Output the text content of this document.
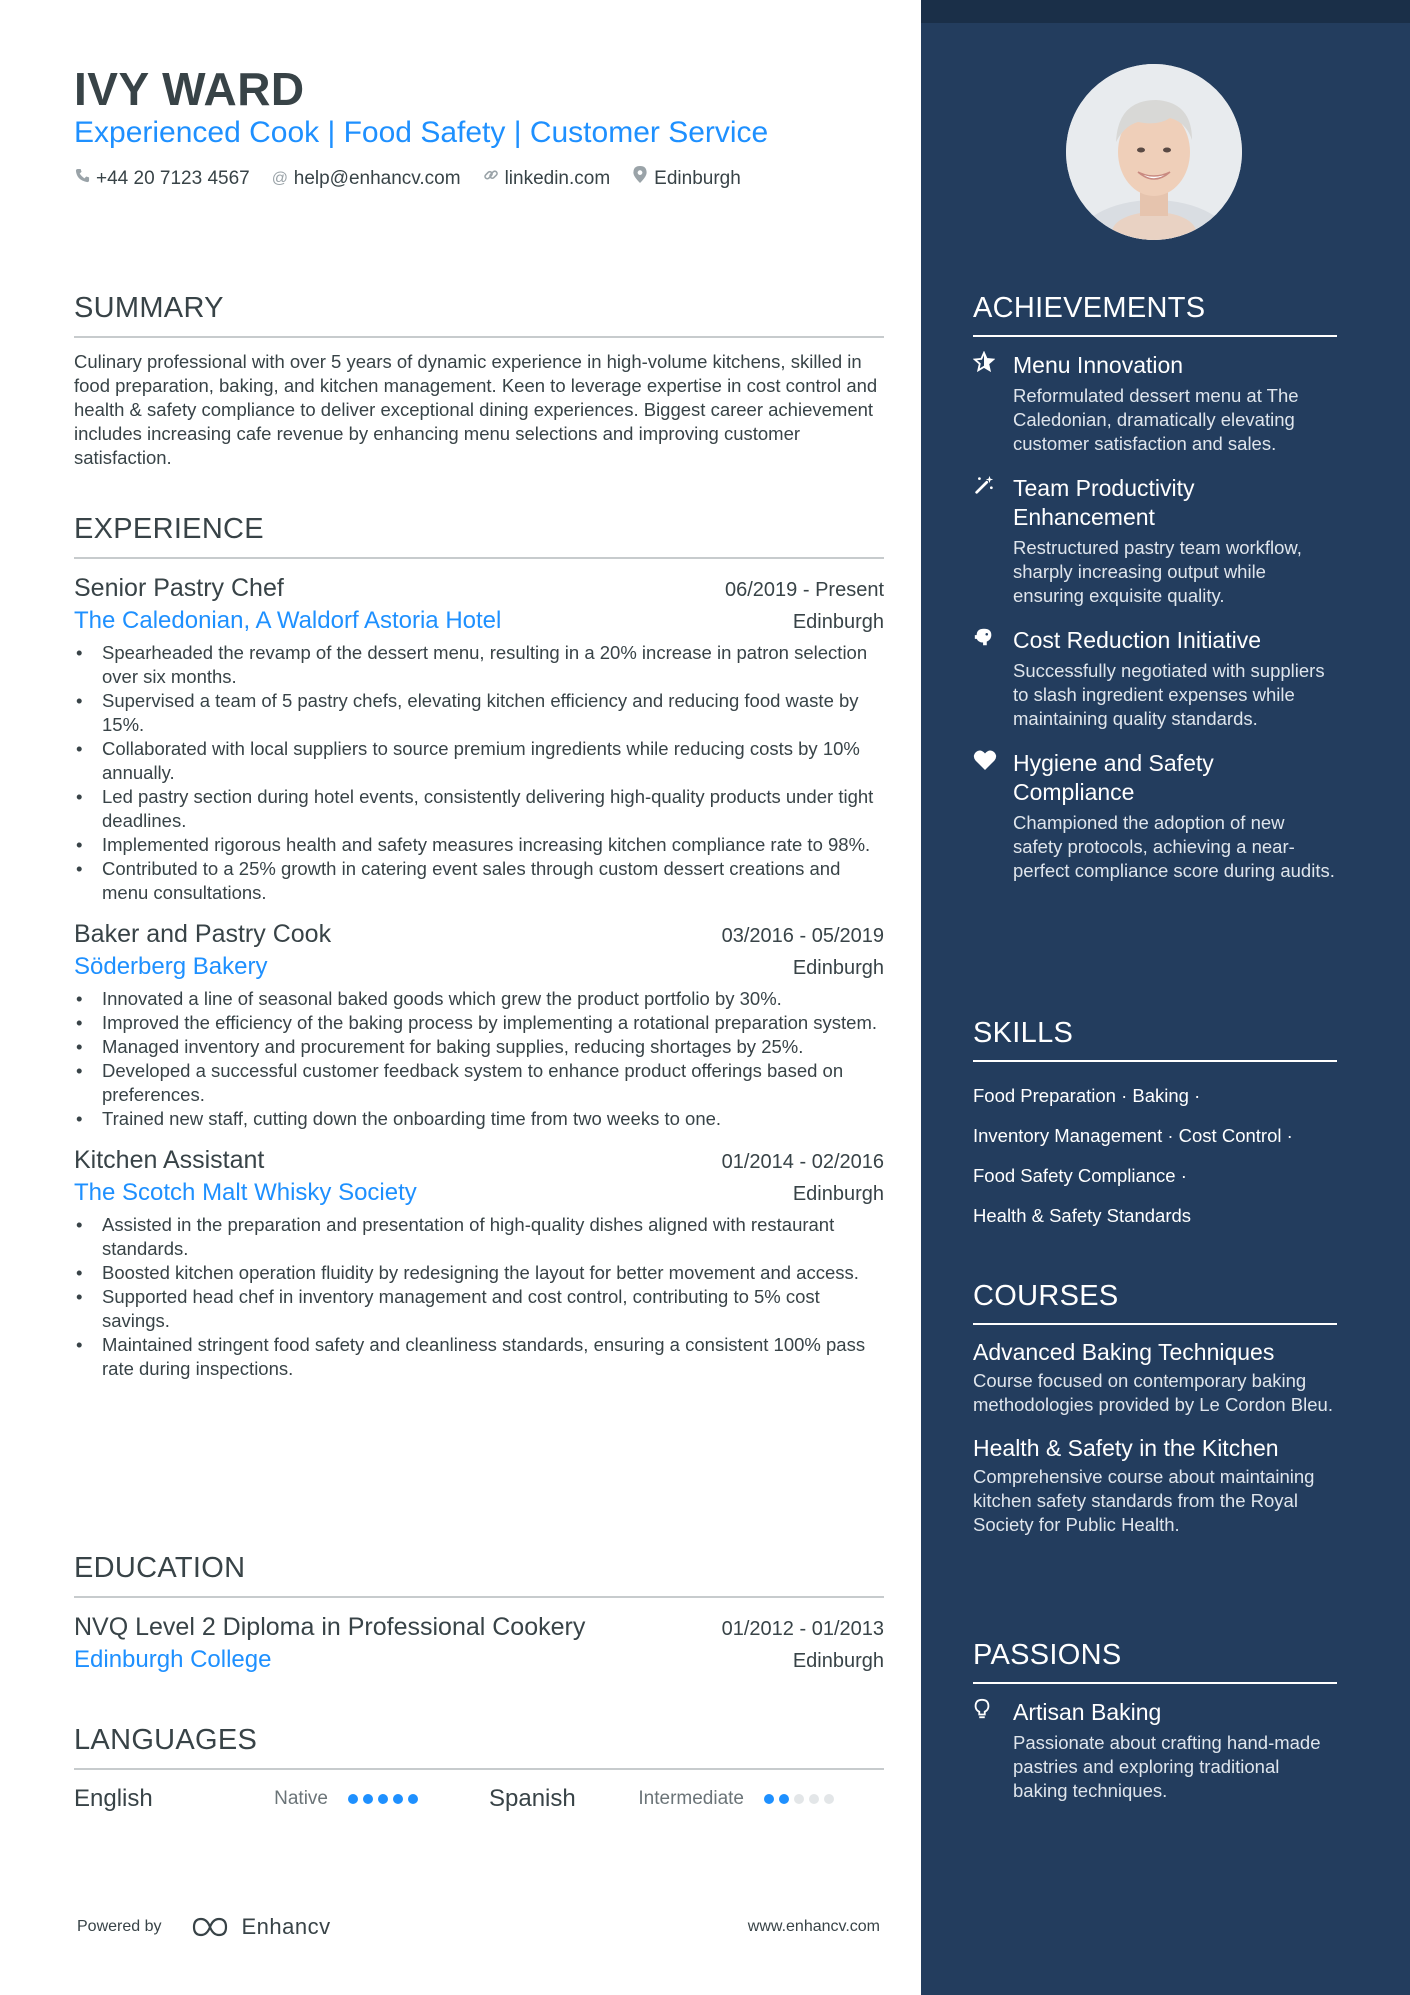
IVY WARD
Experienced Cook | Food Safety | Customer Service
+44 20 7123 4567 @ help@enhancv.com linkedin.com Edinburgh
SUMMARY
Culinary professional with over 5 years of dynamic experience in high-volume kitchens, skilled in food preparation, baking, and kitchen management. Keen to leverage expertise in cost control and health & safety compliance to deliver exceptional dining experiences. Biggest career achievement includes increasing cafe revenue by enhancing menu selections and improving customer satisfaction.
EXPERIENCE
Senior Pastry Chef	06/2019 - Present
The Caledonian, A Waldorf Astoria Hotel	Edinburgh
• Spearheaded the revamp of the dessert menu, resulting in a 20% increase in patron selection over six months.
• Supervised a team of 5 pastry chefs, elevating kitchen efficiency and reducing food waste by 15%.
• Collaborated with local suppliers to source premium ingredients while reducing costs by 10% annually.
• Led pastry section during hotel events, consistently delivering high-quality products under tight deadlines.
• Implemented rigorous health and safety measures increasing kitchen compliance rate to 98%.
• Contributed to a 25% growth in catering event sales through custom dessert creations and menu consultations.
Baker and Pastry Cook	03/2016 - 05/2019
Söderberg Bakery	Edinburgh
• Innovated a line of seasonal baked goods which grew the product portfolio by 30%.
• Improved the efficiency of the baking process by implementing a rotational preparation system.
• Managed inventory and procurement for baking supplies, reducing shortages by 25%.
• Developed a successful customer feedback system to enhance product offerings based on preferences.
• Trained new staff, cutting down the onboarding time from two weeks to one.
Kitchen Assistant	01/2014 - 02/2016
The Scotch Malt Whisky Society	Edinburgh
• Assisted in the preparation and presentation of high-quality dishes aligned with restaurant standards.
• Boosted kitchen operation fluidity by redesigning the layout for better movement and access.
• Supported head chef in inventory management and cost control, contributing to 5% cost savings.
• Maintained stringent food safety and cleanliness standards, ensuring a consistent 100% pass rate during inspections.
EDUCATION
NVQ Level 2 Diploma in Professional Cookery	01/2012 - 01/2013
Edinburgh College	Edinburgh
LANGUAGES
English	Native	Spanish	Intermediate
Powered by	Enhancv	www.enhancv.com
ACHIEVEMENTS
Menu Innovation
Reformulated dessert menu at The Caledonian, dramatically elevating customer satisfaction and sales.
Team Productivity Enhancement
Restructured pastry team workflow, sharply increasing output while ensuring exquisite quality.
Cost Reduction Initiative
Successfully negotiated with suppliers to slash ingredient expenses while maintaining quality standards.
Hygiene and Safety Compliance
Championed the adoption of new safety protocols, achieving a near-perfect compliance score during audits.
SKILLS
Food Preparation · Baking ·
Inventory Management · Cost Control ·
Food Safety Compliance ·
Health & Safety Standards
COURSES
Advanced Baking Techniques
Course focused on contemporary baking methodologies provided by Le Cordon Bleu.
Health & Safety in the Kitchen
Comprehensive course about maintaining kitchen safety standards from the Royal Society for Public Health.
PASSIONS
Artisan Baking
Passionate about crafting hand-made pastries and exploring traditional baking techniques.
